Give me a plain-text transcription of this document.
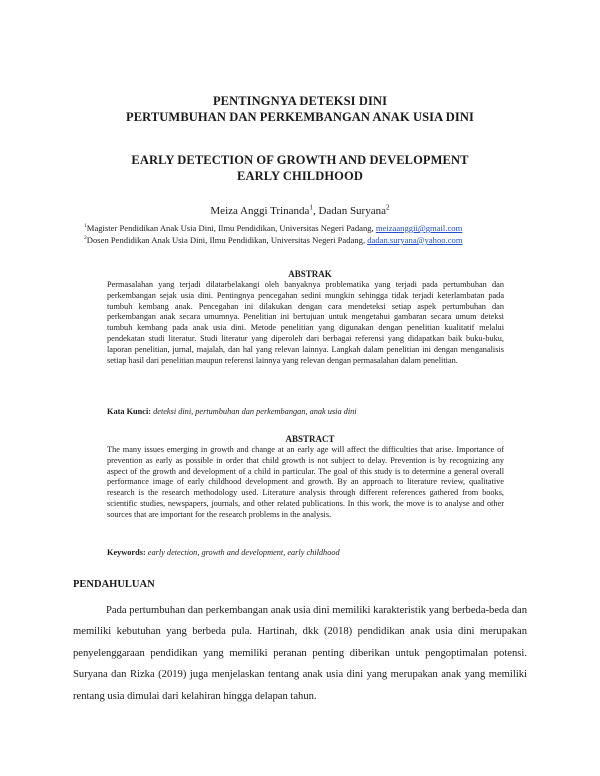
PENTINGNYA DETEKSI DINI
PERTUMBUHAN DAN PERKEMBANGAN ANAK USIA DINI
EARLY DETECTION OF GROWTH AND DEVELOPMENT
EARLY CHILDHOOD
Meiza Anggi Trinanda$^1$, Dadan Suryana$^2$
$^1$Magister Pendidikan Anak Usia Dini, Ilmu Pendidikan, Universitas Negeri Padang, meizaanggii@gmail.com
$^2$Dosen Pendidikan Anak Usia Dini, Ilmu Pendidikan, Universitas Negeri Padang, dadan.suryana@yahoo.com
ABSTRAK
Permasalahan yang terjadi dilatarbelakangi oleh banyaknya problematika yang terjadi pada pertumbuhan dan perkembangan sejak usia dini. Pentingnya pencegahan sedini mungkin sehingga tidak terjadi keterlambatan pada tumbuh kembang anak. Pencegahan ini dilakukan dengan cara mendeteksi setiap aspek pertumbuhan dan perkembangan anak secara umumnya. Penelitian ini bertujuan untuk mengetahui gambaran secara umum deteksi tumbuh kembang pada anak usia dini. Metode penelitian yang digunakan dengan penelitian kualitatif melalui pendekatan studi literatur. Studi literatur yang diperoleh dari berbagai referensi yang didapatkan baik buku-buku, laporan penelitian, jurnal, majalah, dan hal yang relevan lainnya. Langkah dalam penelitian ini dengan menganalisis setiap hasil dari penelitian maupun referensi lainnya yang relevan dengan permasalahan dalam penelitian.
Kata Kunci: deteksi dini, pertumbuhan dan perkembangan, anak usia dini
ABSTRACT
The many issues emerging in growth and change at an early age will affect the difficulties that arise. Importance of prevention as early as possible in order that child growth is not subject to delay. Prevention is by recognizing any aspect of the growth and development of a child in particular. The goal of this study is to determine a general overall performance image of early childhood development and growth. By an approach to literature review, qualitative research is the research methodology used. Literature analysis through different references gathered from books, scientific studies, newspapers, journals, and other related publications. In this work, the move is to analyse and other sources that are important for the research problems in the analysis.
Keywords: early detection, growth and development, early childhood
PENDAHULUAN
Pada pertumbuhan dan perkembangan anak usia dini memiliki karakteristik yang berbeda-beda dan memiliki kebutuhan yang berbeda pula. Hartinah, dkk (2018) pendidikan anak usia dini merupakan penyelenggaraan pendidikan yang memiliki peranan penting diberikan untuk pengoptimalan potensi. Suryana dan Rizka (2019) juga menjelaskan tentang anak usia dini yang merupakan anak yang memiliki rentang usia dimulai dari kelahiran hingga delapan tahun.
